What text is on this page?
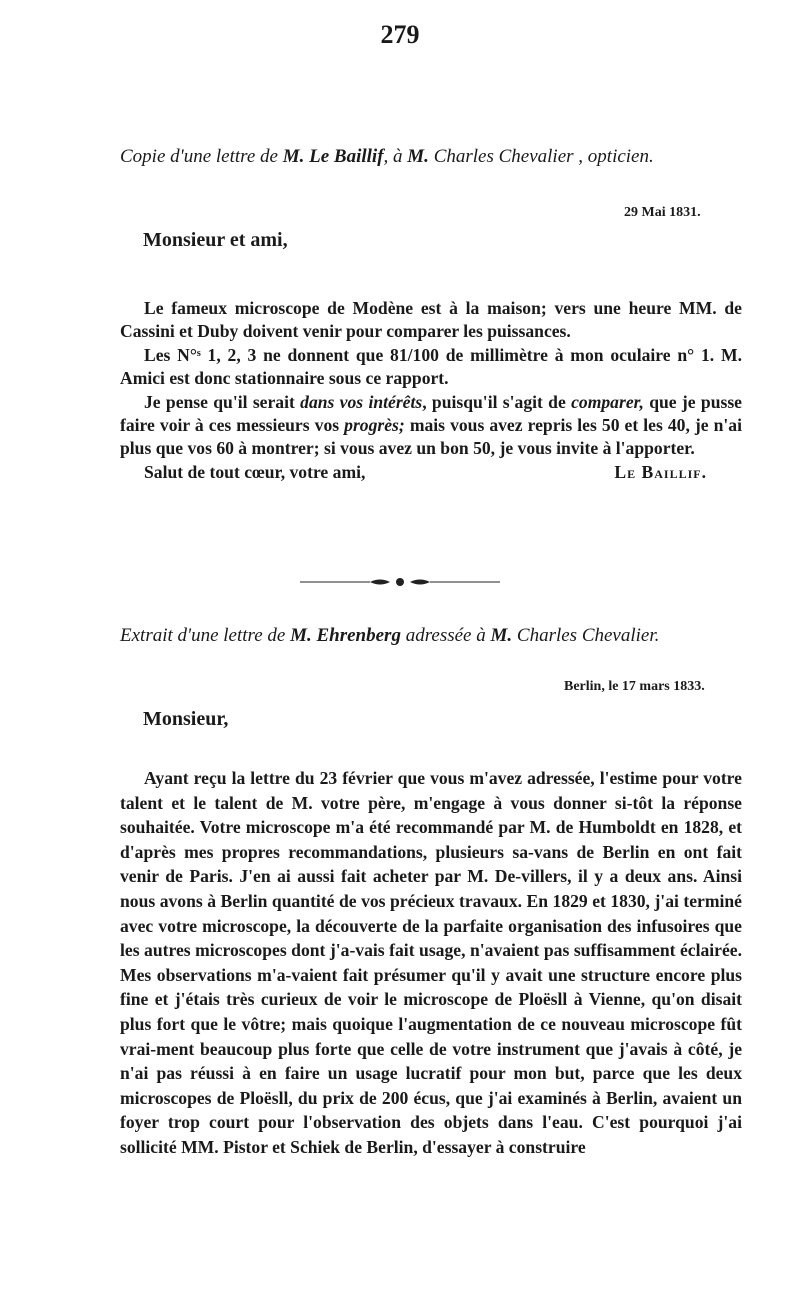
279
Copie d'une lettre de M. Le Baillif, à M. Charles Chevalier , opticien.
29 Mai 1831.
Monsieur et ami,

Le fameux microscope de Modène est à la maison; vers une heure MM. de Cassini et Duby doivent venir pour comparer les puissances.

Les N°ˢ 1, 2, 3 ne donnent que 81/100 de millimètre à mon oculaire n° 1. M. Amici est donc stationnaire sous ce rapport.

Je pense qu'il serait dans vos intérêts, puisqu'il s'agit de comparer, que je pusse faire voir à ces messieurs vos progrès; mais vous avez repris les 50 et les 40, je n'ai plus que vos 60 à montrer; si vous avez un bon 50, je vous invite à l'apporter.

Salut de tout cœur, votre ami,	Le Baillif.

Extrait d'une lettre de M. Ehrenberg adressée à M. Charles Chevalier.
Berlin, le 17 mars 1833.
Monsieur,

Ayant reçu la lettre du 23 février que vous m'avez adressée, l'estime pour votre talent et le talent de M. votre père, m'engage à vous donner si-tôt la réponse souhaitée. Votre microscope m'a été recommandé par M. de Humboldt en 1828, et d'après mes propres recommandations, plusieurs sa-vans de Berlin en ont fait venir de Paris. J'en ai aussi fait acheter par M. De-villers, il y a deux ans. Ainsi nous avons à Berlin quantité de vos précieux travaux. En 1829 et 1830, j'ai terminé avec votre microscope, la découverte de la parfaite organisation des infusoires que les autres microscopes dont j'a-vais fait usage, n'avaient pas suffisamment éclairée. Mes observations m'a-vaient fait présumer qu'il y avait une structure encore plus fine et j'étais très curieux de voir le microscope de Ploësll à Vienne, qu'on disait plus fort que le vôtre; mais quoique l'augmentation de ce nouveau microscope fût vrai-ment beaucoup plus forte que celle de votre instrument que j'avais à côté, je n'ai pas réussi à en faire un usage lucratif pour mon but, parce que les deux microscopes de Ploësll, du prix de 200 écus, que j'ai examinés à Berlin, avaient un foyer trop court pour l'observation des objets dans l'eau. C'est pourquoi j'ai sollicité MM. Pistor et Schiek de Berlin, d'essayer à construire
